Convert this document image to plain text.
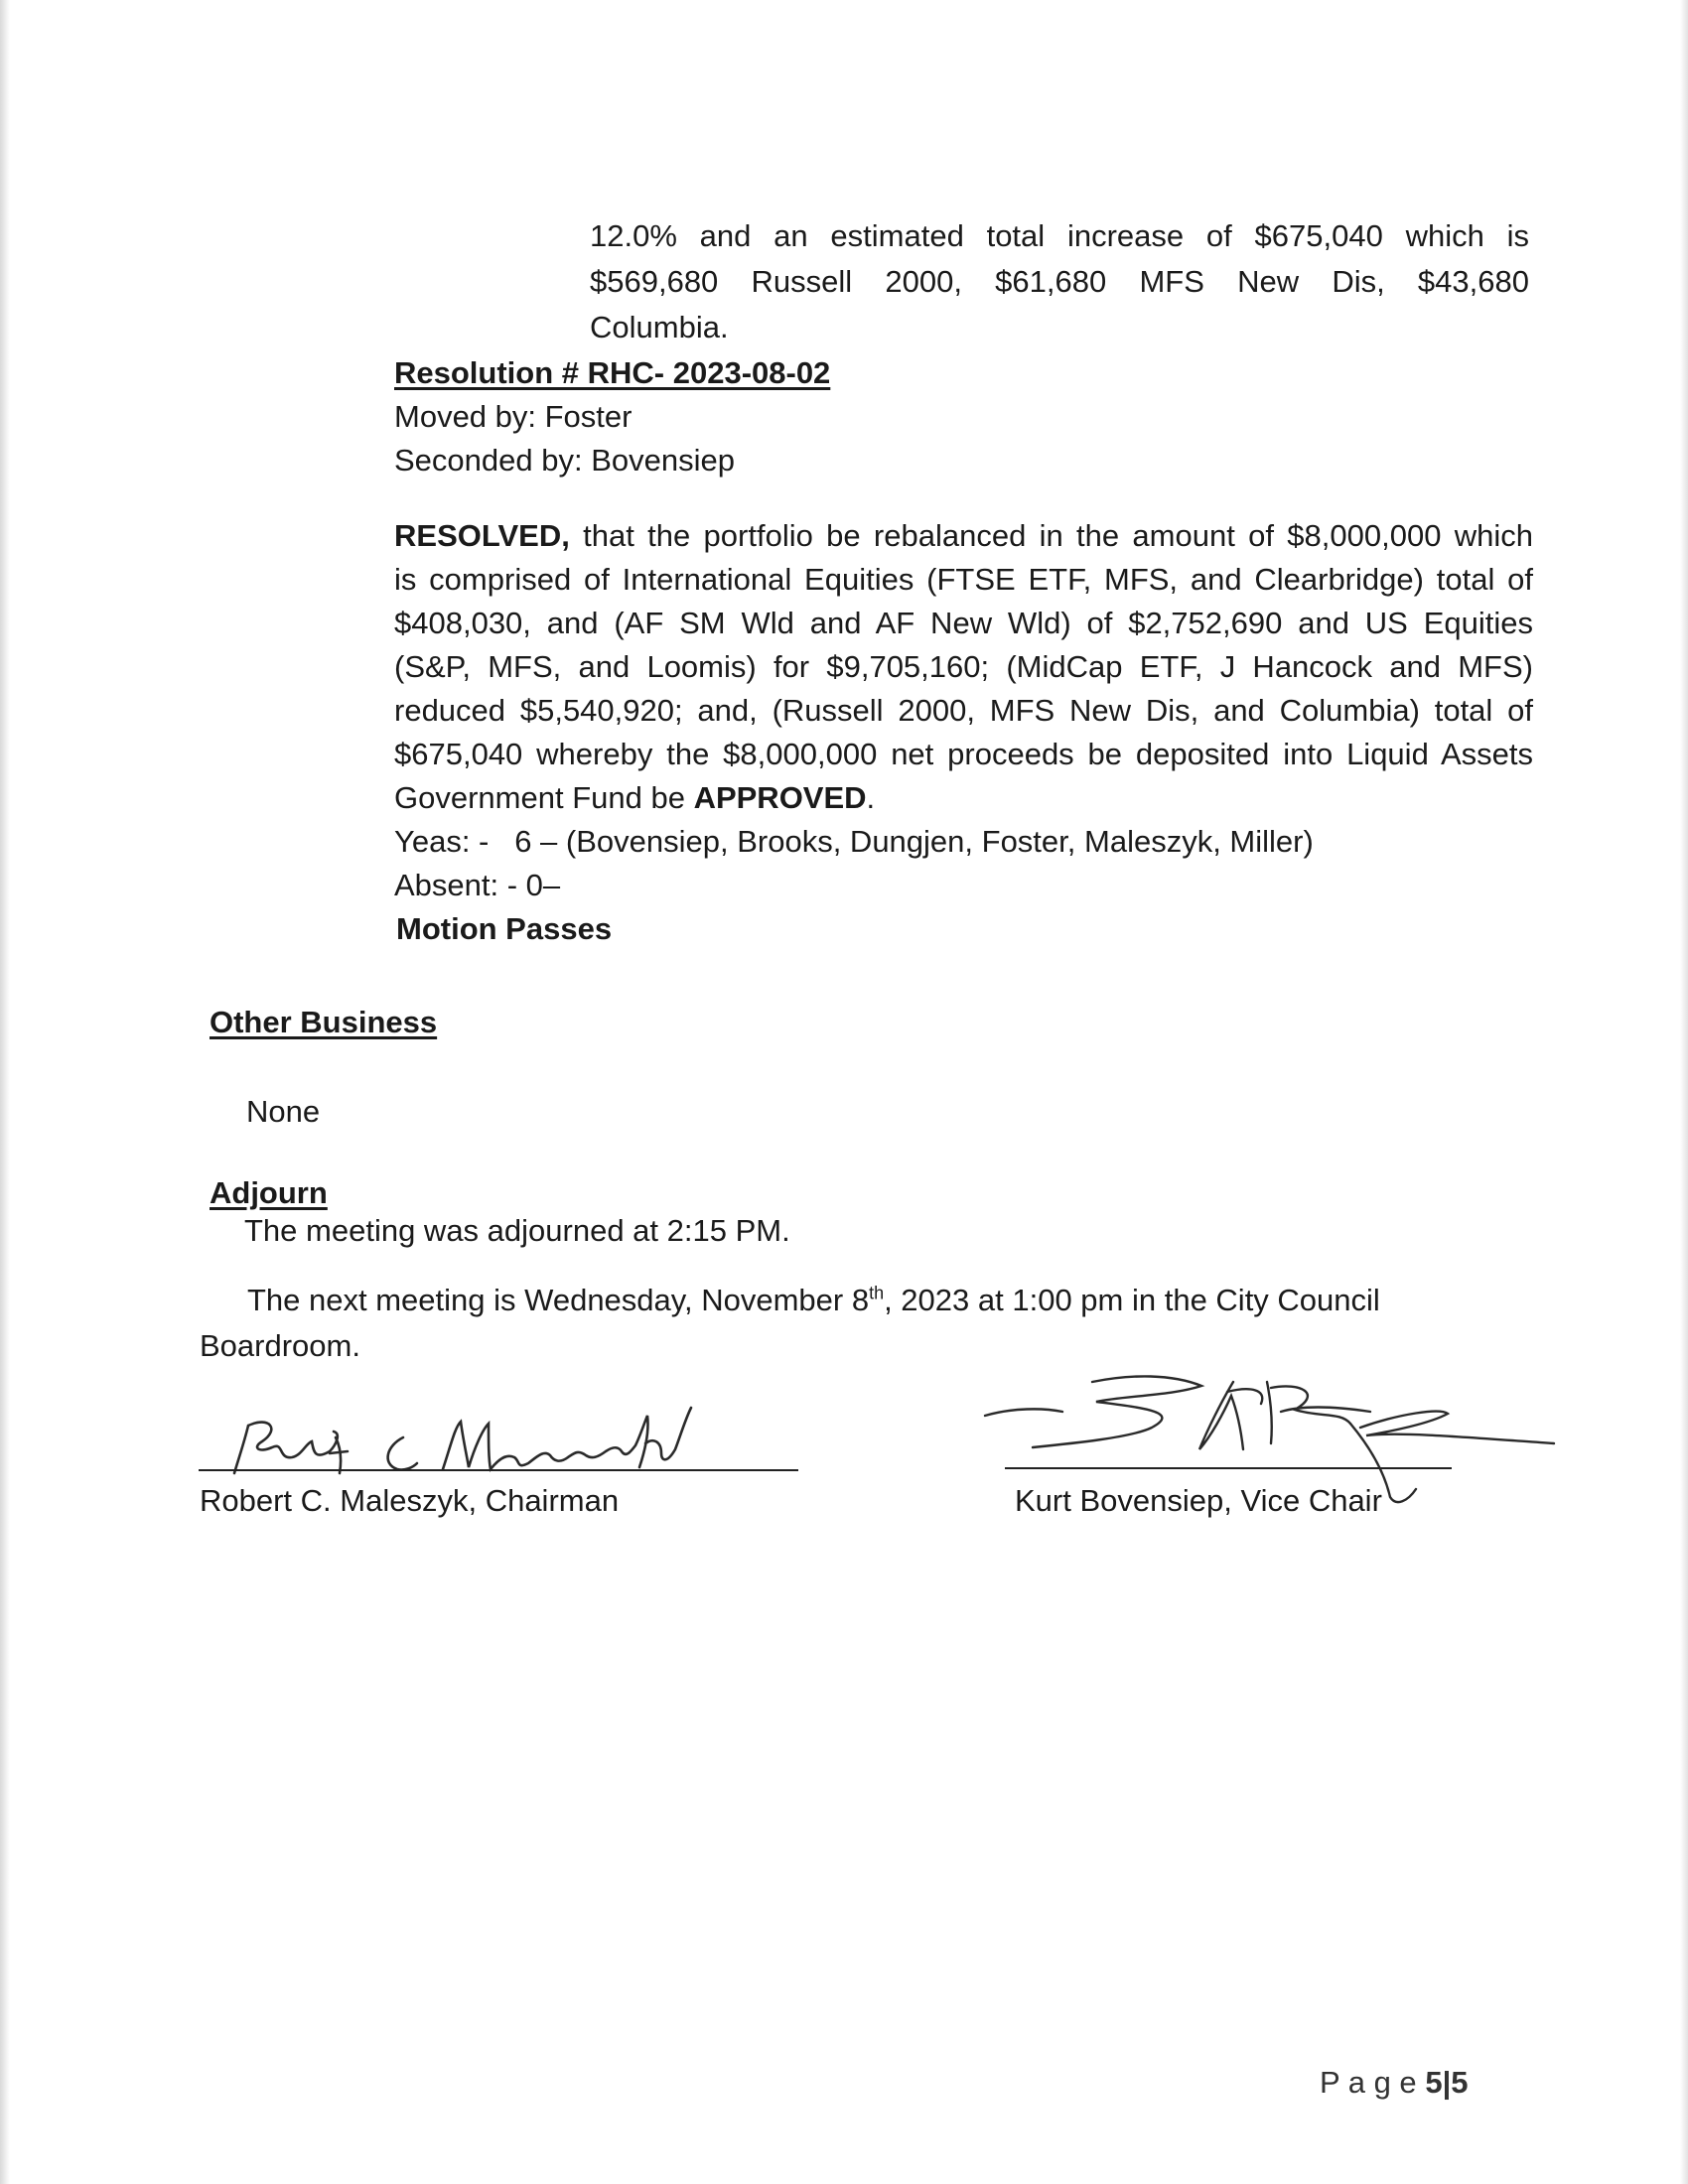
12.0% and an estimated total increase of $675,040 which is
$569,680 Russell 2000, $61,680 MFS New Dis, $43,680
Columbia.
Resolution # RHC- 2023-08-02
Moved by: Foster
Seconded by: Bovensiep
RESOLVED, that the portfolio be rebalanced in the amount of $8,000,000 which
is comprised of International Equities (FTSE ETF, MFS, and Clearbridge) total of
$408,030, and (AF SM Wld and AF New Wld) of $2,752,690 and US Equities
(S&P, MFS, and Loomis) for $9,705,160; (MidCap ETF, J Hancock and MFS)
reduced $5,540,920; and, (Russell 2000, MFS New Dis, and Columbia) total of
$675,040 whereby the $8,000,000 net proceeds be deposited into Liquid Assets
Government Fund be APPROVED.
Yeas: -   6 – (Bovensiep, Brooks, Dungjen, Foster, Maleszyk, Miller)
Absent: - 0–
Motion Passes
Other Business
None
Adjourn
The meeting was adjourned at 2:15 PM.
The next meeting is Wednesday, November 8th, 2023 at 1:00 pm in the City Council
Boardroom.
Robert C. Maleszyk, Chairman	Kurt Bovensiep, Vice Chair
P a g e 5|5
